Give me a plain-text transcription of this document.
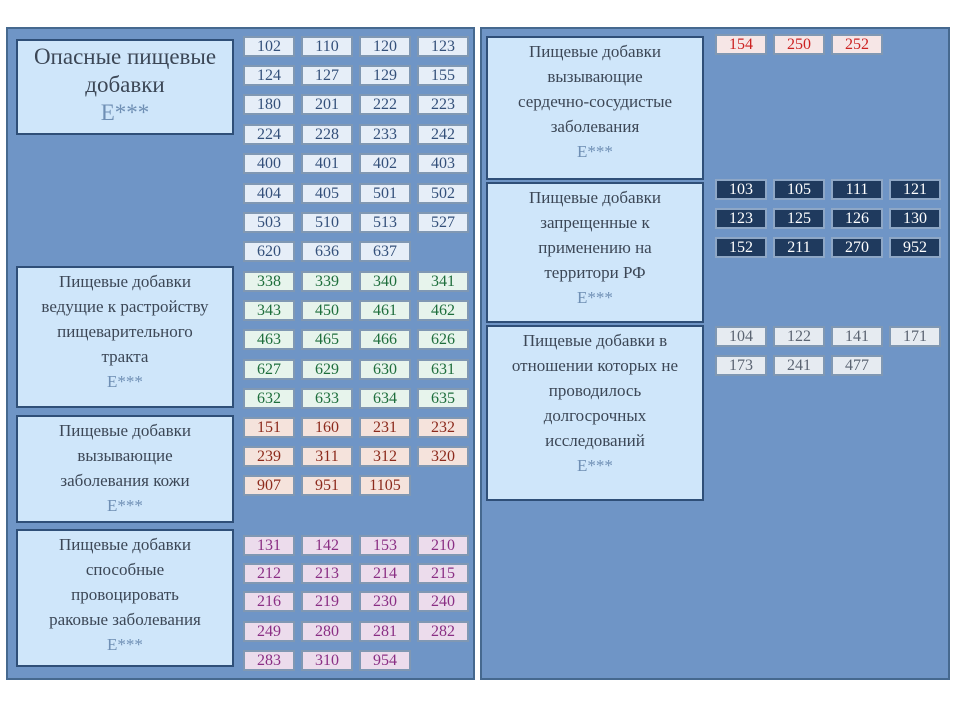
Опасные пищевые
добавки
E***
102	110	120	123
124	127	129	155
180	201	222	223
224	228	233	242
400	401	402	403
404	405	501	502
503	510	513	527
620	636	637
Пищевые добавки
ведущие к растройству
пищеварительного
тракта
E***
338	339	340	341
343	450	461	462
463	465	466	626
627	629	630	631
632	633	634	635
Пищевые добавки
вызывающие
заболевания кожи
E***
151	160	231	232
239	311	312	320
907	951	1105
Пищевые добавки
способные
провоцировать
раковые заболевания
E***
131	142	153	210
212	213	214	215
216	219	230	240
249	280	281	282
283	310	954
Пищевые добавки
вызывающие
сердечно-сосудистые
заболевания
E***
154	250	252
Пищевые добавки
запрещенные к
применению на
территори РФ
E***
103	105	111	121
123	125	126	130
152	211	270	952
Пищевые добавки в
отношении которых не
проводилось
долгосрочных
исследований
E***
104	122	141	171
173	241	477
